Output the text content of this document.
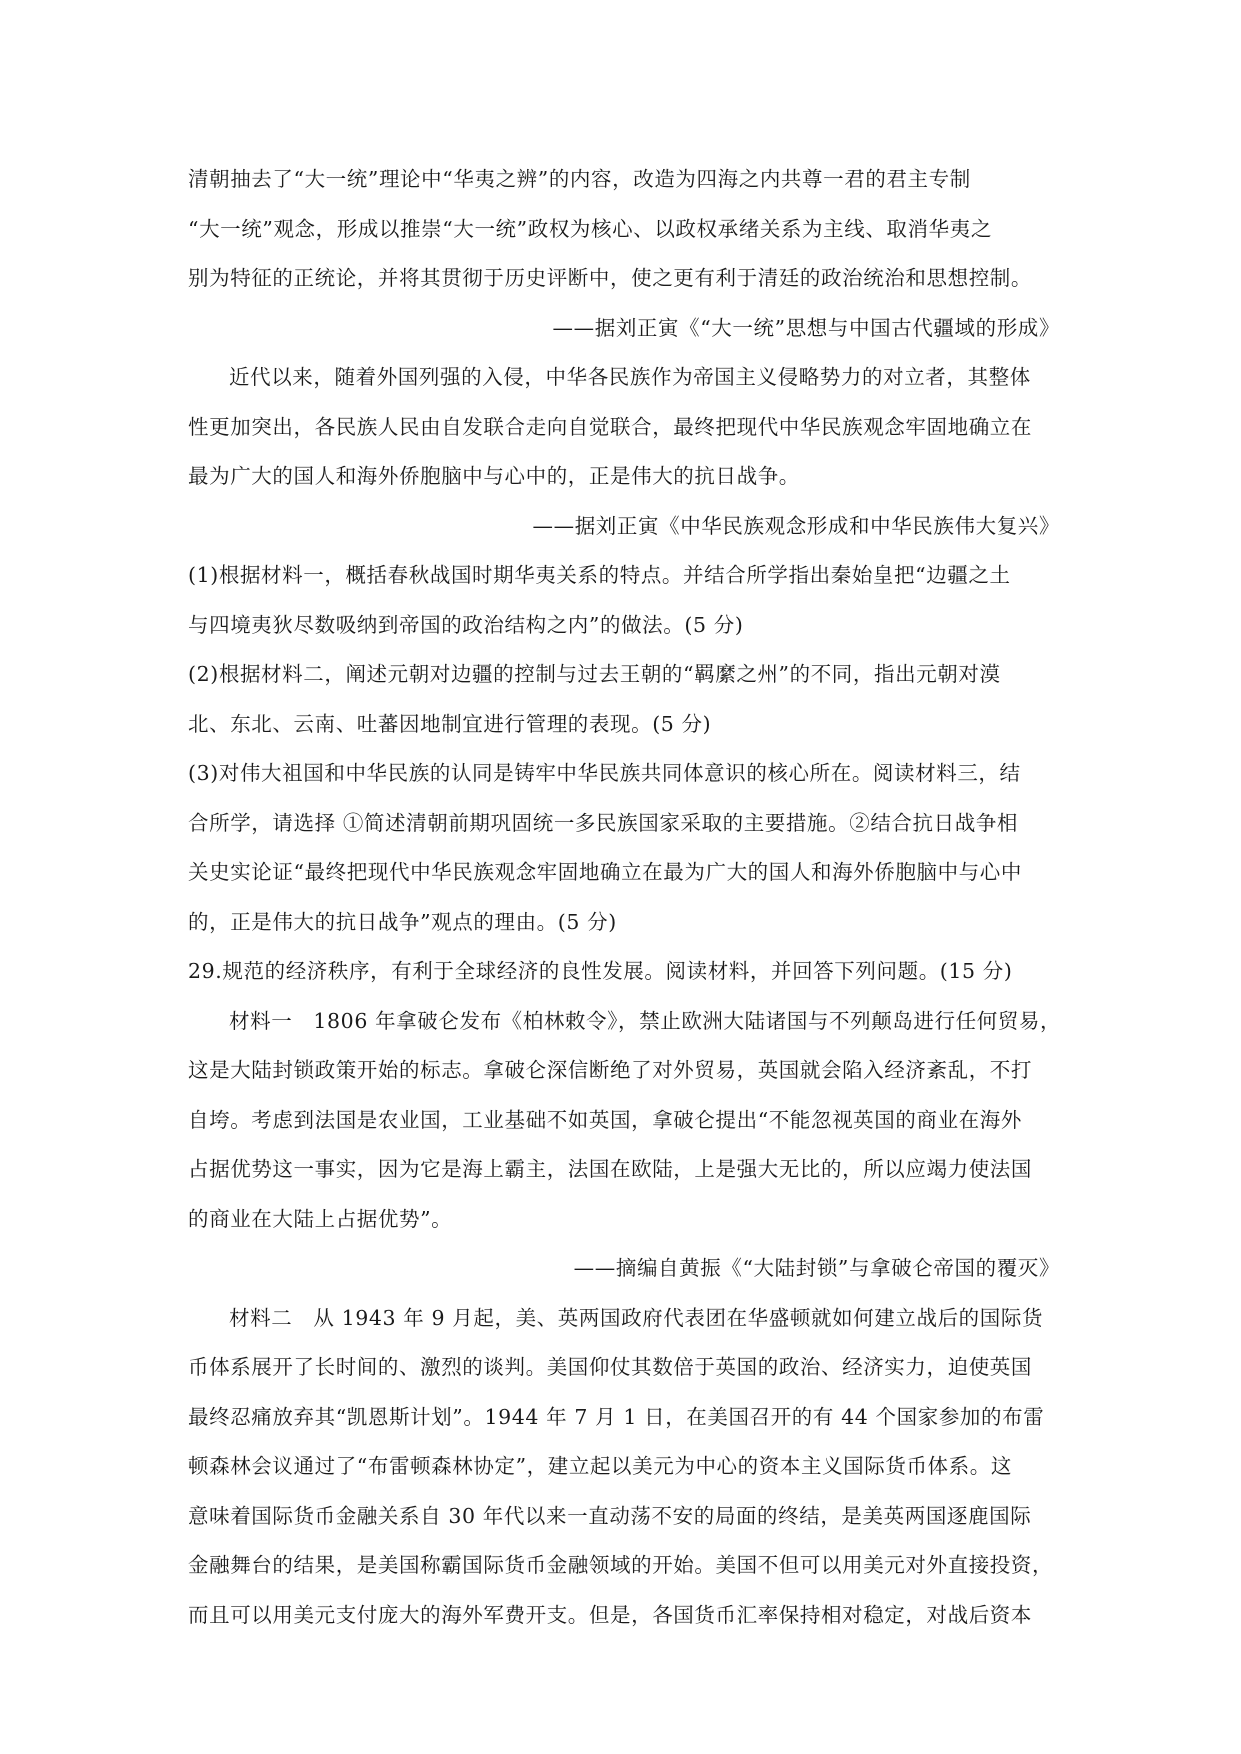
清朝抽去了“大一统”理论中“华夷之辨”的内容，改造为四海之内共尊一君的君主专制
“大一统”观念，形成以推崇“大一统”政权为核心、以政权承绪关系为主线、取消华夷之
别为特征的正统论，并将其贯彻于历史评断中，使之更有利于清廷的政治统治和思想控制。
——据刘正寅《“大一统”思想与中国古代疆域的形成》
近代以来，随着外国列强的入侵，中华各民族作为帝国主义侵略势力的对立者，其整体
性更加突出，各民族人民由自发联合走向自觉联合，最终把现代中华民族观念牢固地确立在
最为广大的国人和海外侨胞脑中与心中的，正是伟大的抗日战争。
——据刘正寅《中华民族观念形成和中华民族伟大复兴》
(1)根据材料一，概括春秋战国时期华夷关系的特点。并结合所学指出秦始皇把“边疆之土
与四境夷狄尽数吸纳到帝国的政治结构之内”的做法。(5 分)
(2)根据材料二，阐述元朝对边疆的控制与过去王朝的“羁縻之州”的不同，指出元朝对漠
北、东北、云南、吐蕃因地制宜进行管理的表现。(5 分)
(3)对伟大祖国和中华民族的认同是铸牢中华民族共同体意识的核心所在。阅读材料三，结
合所学，请选择 ①简述清朝前期巩固统一多民族国家采取的主要措施。②结合抗日战争相
关史实论证“最终把现代中华民族观念牢固地确立在最为广大的国人和海外侨胞脑中与心中
的，正是伟大的抗日战争”观点的理由。(5 分)
29.规范的经济秩序，有利于全球经济的良性发展。阅读材料，并回答下列问题。(15 分)
材料一　1806 年拿破仑发布《柏林敕令》，禁止欧洲大陆诸国与不列颠岛进行任何贸易，
这是大陆封锁政策开始的标志。拿破仑深信断绝了对外贸易，英国就会陷入经济紊乱，不打
自垮。考虑到法国是农业国，工业基础不如英国，拿破仑提出“不能忽视英国的商业在海外
占据优势这一事实，因为它是海上霸主，法国在欧陆，上是强大无比的，所以应竭力使法国
的商业在大陆上占据优势”。
——摘编自黄振《“大陆封锁”与拿破仑帝国的覆灭》
材料二　从 1943 年 9 月起，美、英两国政府代表团在华盛顿就如何建立战后的国际货
币体系展开了长时间的、激烈的谈判。美国仰仗其数倍于英国的政治、经济实力，迫使英国
最终忍痛放弃其“凯恩斯计划”。1944 年 7 月 1 日，在美国召开的有 44 个国家参加的布雷
顿森林会议通过了“布雷顿森林协定”，建立起以美元为中心的资本主义国际货币体系。这
意味着国际货币金融关系自 30 年代以来一直动荡不安的局面的终结，是美英两国逐鹿国际
金融舞台的结果，是美国称霸国际货币金融领域的开始。美国不但可以用美元对外直接投资，
而且可以用美元支付庞大的海外军费开支。但是，各国货币汇率保持相对稳定，对战后资本
